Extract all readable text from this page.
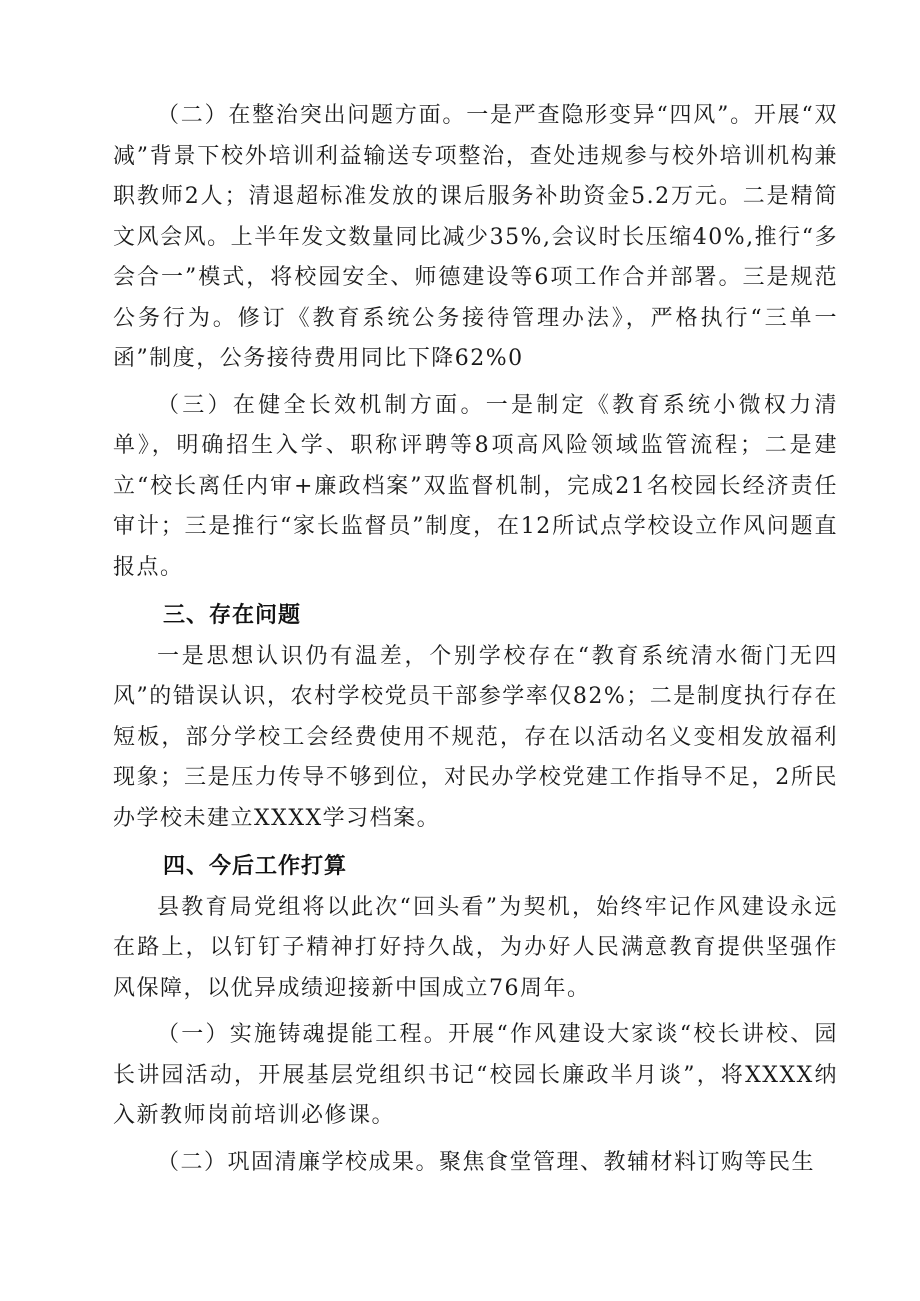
（二）在整治突出问题方面。一是严查隐形变异“四风”。开展“双减”背景下校外培训利益输送专项整治，查处违规参与校外培训机构兼职教师2人；清退超标准发放的课后服务补助资金5.2万元。二是精简文风会风。上半年发文数量同比减少35%,会议时长压缩40%,推行“多会合一”模式，将校园安全、师德建设等6项工作合并部署。三是规范公务行为。修订《教育系统公务接待管理办法》，严格执行“三单一函”制度，公务接待费用同比下降62%0

（三）在健全长效机制方面。一是制定《教育系统小微权力清单》，明确招生入学、职称评聘等8项高风险领域监管流程；二是建立“校长离任内审+廉政档案”双监督机制，完成21名校园长经济责任审计；三是推行“家长监督员”制度，在12所试点学校设立作风问题直报点。

三、存在问题

一是思想认识仍有温差，个别学校存在“教育系统清水衙门无四风”的错误认识，农村学校党员干部参学率仅82%；二是制度执行存在短板，部分学校工会经费使用不规范，存在以活动名义变相发放福利现象；三是压力传导不够到位，对民办学校党建工作指导不足，2所民办学校未建立XXXX学习档案。

四、今后工作打算

县教育局党组将以此次“回头看”为契机，始终牢记作风建设永远在路上，以钉钉子精神打好持久战，为办好人民满意教育提供坚强作风保障，以优异成绩迎接新中国成立76周年。

（一）实施铸魂提能工程。开展“作风建设大家谈“校长讲校、园长讲园活动，开展基层党组织书记“校园长廉政半月谈”，将XXXX纳入新教师岗前培训必修课。

（二）巩固清廉学校成果。聚焦食堂管理、教辅材料订购等民生
